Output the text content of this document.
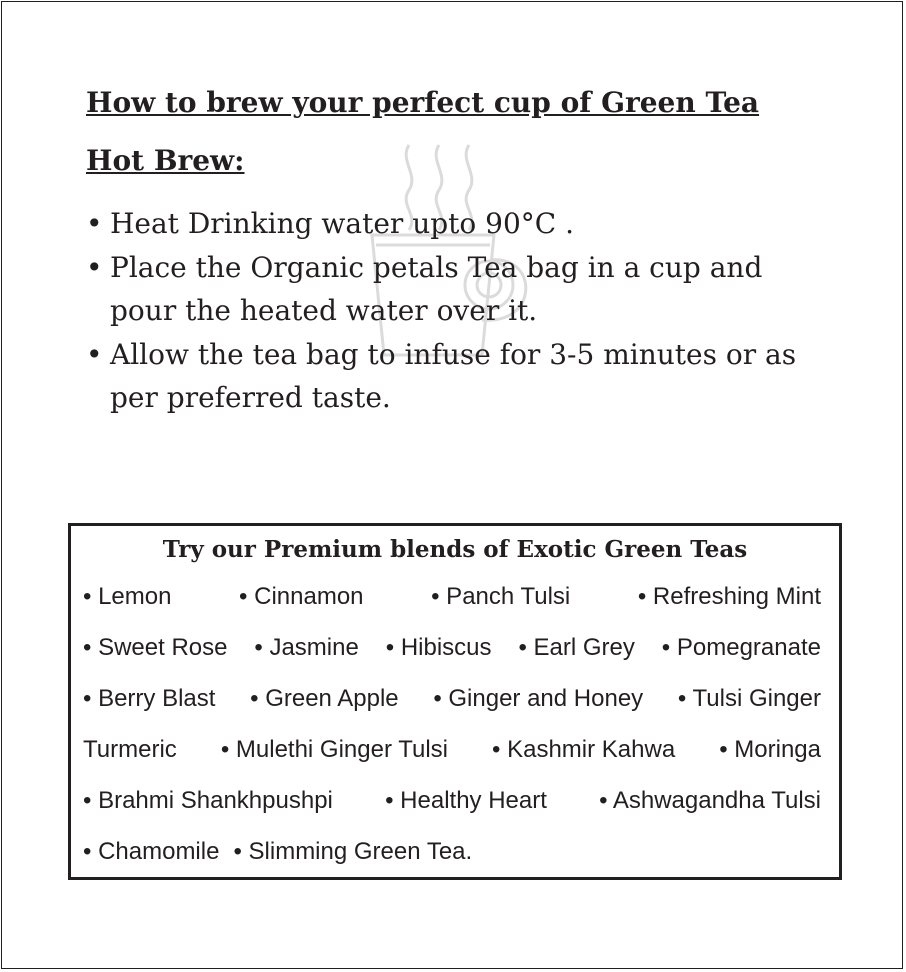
How to brew your perfect cup of Green Tea
Hot Brew:
• Heat Drinking water upto 90°C .
• Place the Organic petals Tea bag in a cup and pour the heated water over it.
• Allow the tea bag to infuse for 3-5 minutes or as per preferred taste.
Try our Premium blends of Exotic Green Teas
• Lemon	• Cinnamon	• Panch Tulsi	• Refreshing Mint
• Sweet Rose • Jasmine • Hibiscus • Earl Grey • Pomegranate
• Berry Blast • Green Apple • Ginger and Honey • Tulsi Ginger
Turmeric • Mulethi Ginger Tulsi • Kashmir Kahwa • Moringa
• Brahmi Shankhpushpi • Healthy Heart • Ashwagandha Tulsi
• Chamomile • Slimming Green Tea.
